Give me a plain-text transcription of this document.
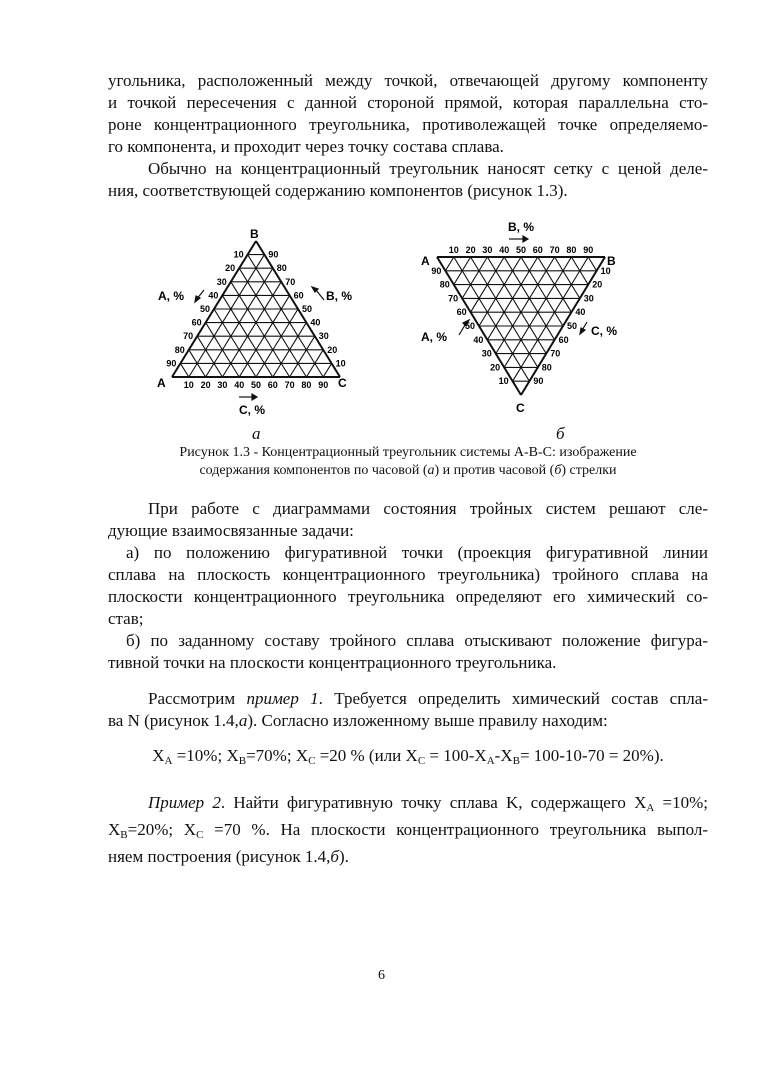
угольника, расположенный между точкой, отвечающей другому компоненту
и точкой пересечения с данной стороной прямой, которая параллельна сто-
роне концентрационного треугольника, противолежащей точке определяемо-
го компонента, и проходит через точку состава сплава.
Обычно на концентрационный треугольник наносят сетку с ценой деле-
ния, соответствующей содержанию компонентов (рисунок 1.3).
B
A	C
A, %	B, %
C, %
10	90
10
20	80
20
30	70
30
40	60
40
50	50
50
60	40
60
70	30
70
80	20
80
90	10
90
A	B
C
B, %
A, %	C, %
10
90	10
20
80	20
30
70	30
40
60	40
50
50	50
60
40	60
70
30	70
80
20	80
90
10	90
а	б
Рисунок 1.3 - Концентрационный треугольник системы A-B-C: изображение
содержания компонентов по часовой (а) и против часовой (б) стрелки
При работе с диаграммами состояния тройных систем решают сле-
дующие взаимосвязанные задачи:
а) по положению фигуративной точки (проекция фигуративной линии
сплава на плоскость концентрационного треугольника) тройного сплава на
плоскости концентрационного треугольника определяют его химический со-
став;
б) по заданному составу тройного сплава отыскивают положение фигура-
тивной точки на плоскости концентрационного треугольника.
Рассмотрим пример 1. Требуется определить химический состав спла-
ва N (рисунок 1.4,а). Согласно изложенному выше правилу находим:
$X_A =10\%$; $X_B=70\%$; $X_C =20$ % (или $X_C = 100-X_A-X_B= 100-10-70 = 20\%$).
Пример 2. Найти фигуративную точку сплава K, содержащего $X_A =10\%$;
$X_B=20\%$; $X_C =70$ %. На плоскости концентрационного треугольника выпол-
няем построения (рисунок 1.4,б).
6
